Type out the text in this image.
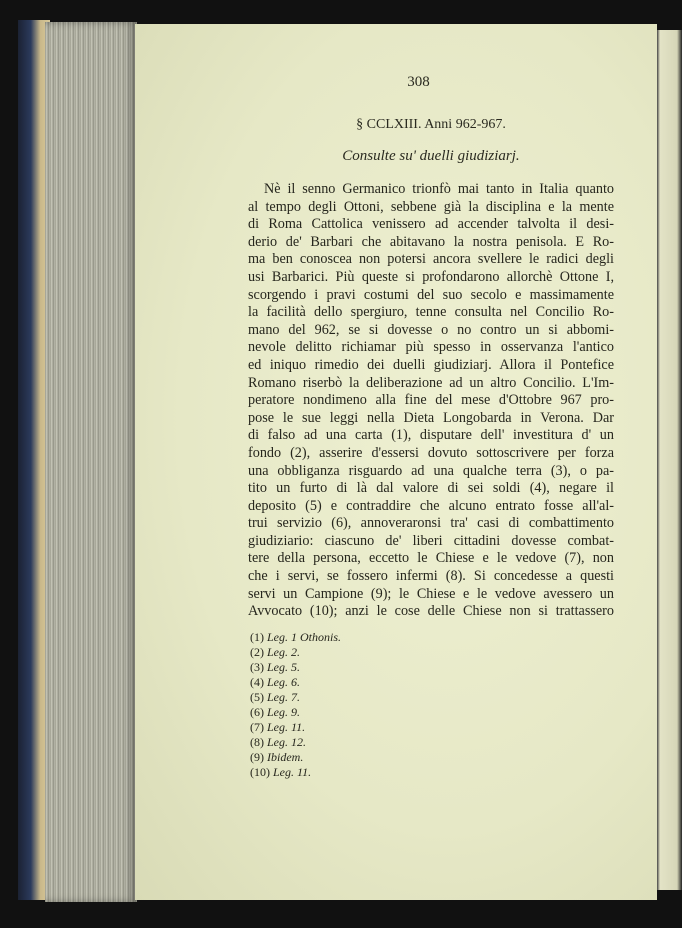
308
§ CCLXIII. Anni 962-967.
Consulte su' duelli giudiziarj.
Nè il senno Germanico trionfò mai tanto in Italia quanto
al tempo degli Ottoni, sebbene già la disciplina e la mente
di Roma Cattolica venissero ad accender talvolta il desi-
derio de' Barbari che abitavano la nostra penisola. E Ro-
ma ben conoscea non potersi ancora svellere le radici degli
usi Barbarici. Più queste si profondarono allorchè Ottone I,
scorgendo i pravi costumi del suo secolo e massimamente
la facilità dello spergiuro, tenne consulta nel Concilio Ro-
mano del 962, se si dovesse o no contro un si abbomi-
nevole delitto richiamar più spesso in osservanza l'antico
ed iniquo rimedio dei duelli giudiziarj. Allora il Pontefice
Romano riserbò la deliberazione ad un altro Concilio. L'Im-
peratore nondimeno alla fine del mese d'Ottobre 967 pro-
pose le sue leggi nella Dieta Longobarda in Verona. Dar
di falso ad una carta (1), disputare dell' investitura d' un
fondo (2), asserire d'essersi dovuto sottoscrivere per forza
una obbliganza risguardo ad una qualche terra (3), o pa-
tito un furto di là dal valore di sei soldi (4), negare il
deposito (5) e contraddire che alcuno entrato fosse all'al-
trui servizio (6), annoveraronsi tra' casi di combattimento
giudiziario: ciascuno de' liberi cittadini dovesse combat-
tere della persona, eccetto le Chiese e le vedove (7), non
che i servi, se fossero infermi (8). Si concedesse a questi
servi un Campione (9); le Chiese e le vedove avessero un
Avvocato (10); anzi le cose delle Chiese non si trattassero
(1) Leg. 1 Othonis.
(2) Leg. 2.
(3) Leg. 5.
(4) Leg. 6.
(5) Leg. 7.
(6) Leg. 9.
(7) Leg. 11.
(8) Leg. 12.
(9) Ibidem.
(10) Leg. 11.
